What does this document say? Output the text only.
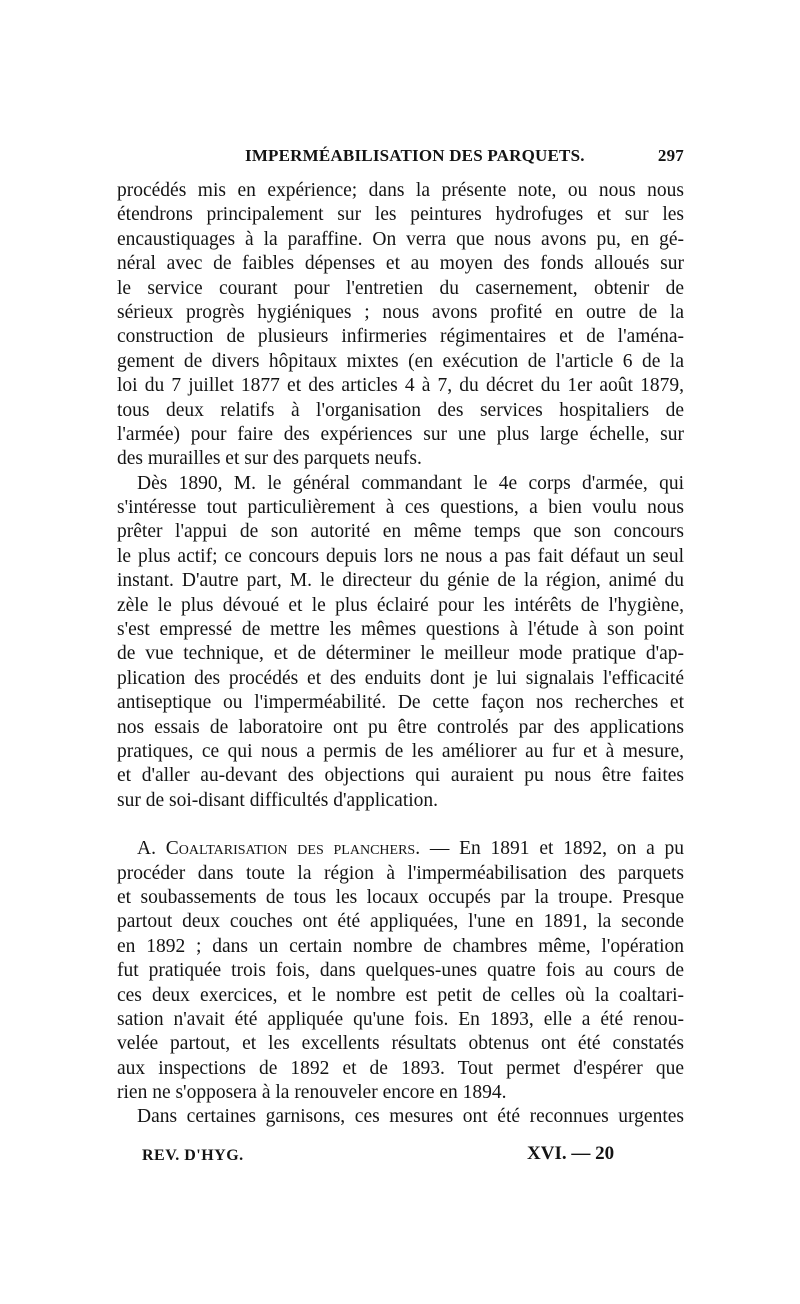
IMPERMÉABILISATION DES PARQUETS.	297
procédés mis en expérience; dans la présente note, ou nous nous
étendrons principalement sur les peintures hydrofuges et sur les
encaustiquages à la paraffine. On verra que nous avons pu, en gé-
néral avec de faibles dépenses et au moyen des fonds alloués sur
le service courant pour l'entretien du casernement, obtenir de
sérieux progrès hygiéniques ; nous avons profité en outre de la
construction de plusieurs infirmeries régimentaires et de l'aména-
gement de divers hôpitaux mixtes (en exécution de l'article 6 de la
loi du 7 juillet 1877 et des articles 4 à 7, du décret du 1er août 1879,
tous deux relatifs à l'organisation des services hospitaliers de
l'armée) pour faire des expériences sur une plus large échelle, sur
des murailles et sur des parquets neufs.
Dès 1890, M. le général commandant le 4e corps d'armée, qui
s'intéresse tout particulièrement à ces questions, a bien voulu nous
prêter l'appui de son autorité en même temps que son concours
le plus actif; ce concours depuis lors ne nous a pas fait défaut un seul
instant. D'autre part, M. le directeur du génie de la région, animé du
zèle le plus dévoué et le plus éclairé pour les intérêts de l'hygiène,
s'est empressé de mettre les mêmes questions à l'étude à son point
de vue technique, et de déterminer le meilleur mode pratique d'ap-
plication des procédés et des enduits dont je lui signalais l'efficacité
antiseptique ou l'imperméabilité. De cette façon nos recherches et
nos essais de laboratoire ont pu être controlés par des applications
pratiques, ce qui nous a permis de les améliorer au fur et à mesure,
et d'aller au-devant des objections qui auraient pu nous être faites
sur de soi-disant difficultés d'application.
A. Coaltarisation des planchers. — En 1891 et 1892, on a pu
procéder dans toute la région à l'imperméabilisation des parquets
et soubassements de tous les locaux occupés par la troupe. Presque
partout deux couches ont été appliquées, l'une en 1891, la seconde
en 1892 ; dans un certain nombre de chambres même, l'opération
fut pratiquée trois fois, dans quelques-unes quatre fois au cours de
ces deux exercices, et le nombre est petit de celles où la coaltari-
sation n'avait été appliquée qu'une fois. En 1893, elle a été renou-
velée partout, et les excellents résultats obtenus ont été constatés
aux inspections de 1892 et de 1893. Tout permet d'espérer que
rien ne s'opposera à la renouveler encore en 1894.
Dans certaines garnisons, ces mesures ont été reconnues urgentes
REV. D'HYG.	XVI. — 20
